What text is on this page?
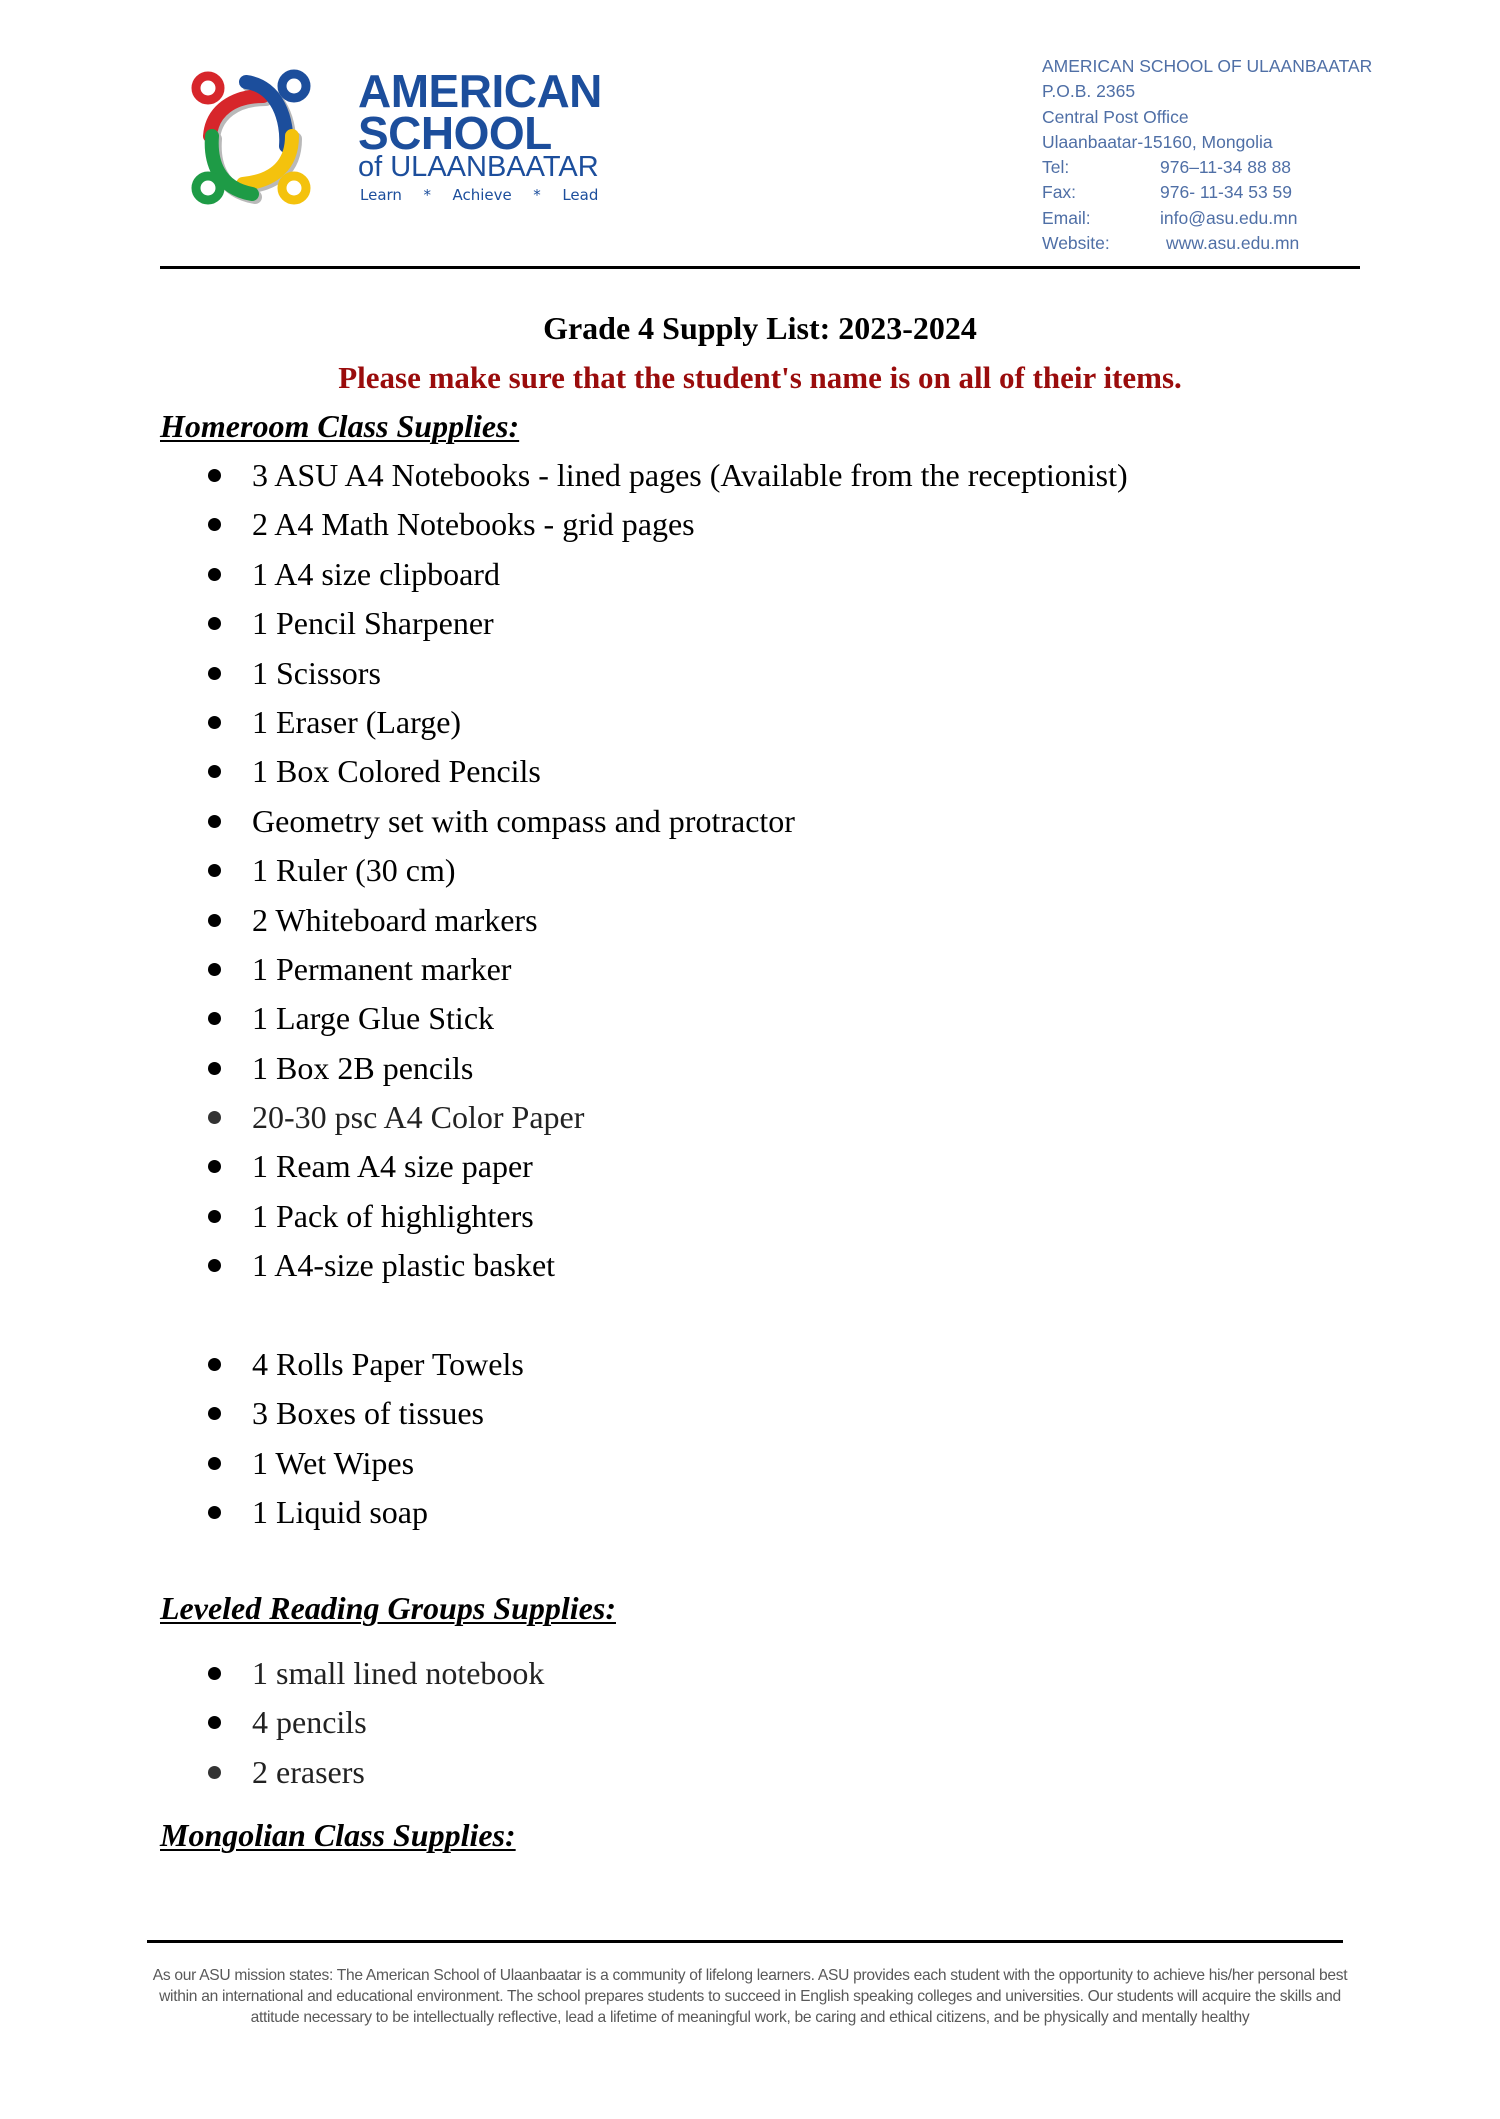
AMERICAN
SCHOOL
of ULAANBAATAR
Learn  *  Achieve  *  Lead
AMERICAN SCHOOL OF ULAANBAATAR
P.O.B. 2365
Central Post Office
Ulaanbaatar-15160, Mongolia
Tel:	976–11-34 88 88
Fax:	976- 11-34 53 59
Email:	info@asu.edu.mn
Website:	www.asu.edu.mn
Grade 4 Supply List: 2023-2024
Please make sure that the student's name is on all of their items.
Homeroom Class Supplies:
3 ASU A4 Notebooks - lined pages (Available from the receptionist)
2 A4 Math Notebooks - grid pages
1 A4 size clipboard
1 Pencil Sharpener
1 Scissors
1 Eraser (Large)
1 Box Colored Pencils
Geometry set with compass and protractor
1 Ruler (30 cm)
2 Whiteboard markers
1 Permanent marker
1 Large Glue Stick
1 Box 2B pencils
20-30 psc A4 Color Paper
1 Ream A4 size paper
1 Pack of highlighters
1 A4-size plastic basket
4 Rolls Paper Towels
3 Boxes of tissues
1 Wet Wipes
1 Liquid soap
Leveled Reading Groups Supplies:
1 small lined notebook
4 pencils
2 erasers
Mongolian Class Supplies:
As our ASU mission states: The American School of Ulaanbaatar is a community of lifelong learners. ASU provides each student with the opportunity to achieve his/her personal best within an international and educational environment. The school prepares students to succeed in English speaking colleges and universities. Our students will acquire the skills and attitude necessary to be intellectually reflective, lead a lifetime of meaningful work, be caring and ethical citizens, and be physically and mentally healthy
